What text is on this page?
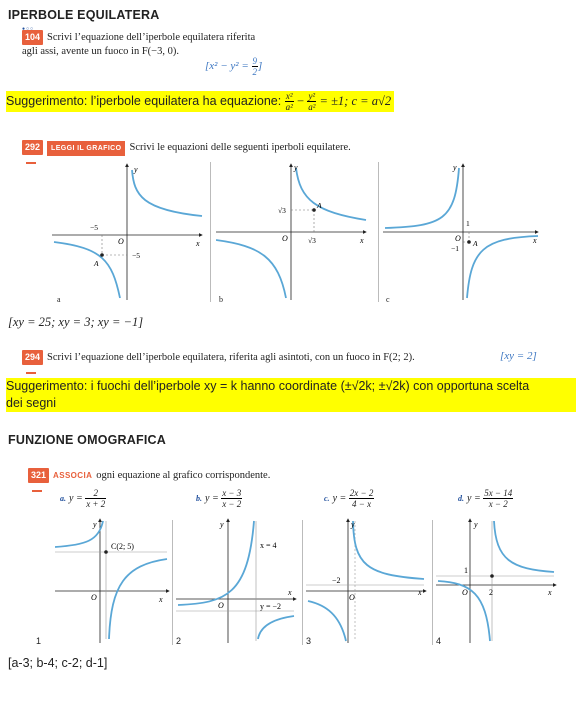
IPERBOLE EQUILATERA
●○○
104 Scrivi l’equazione dell’iperbole equilatera riferita
agli assi, avente un fuoco in F(−3, 0).
[$x^2 - y^2 = \frac{9}{2}$ ]
Suggerimento: l’iperbole equilatera ha equazione: $\frac{\text{x²}}{\text{a²}} - \frac{\text{y²}}{\text{a²}} = \pm 1$; c = a√2
292 LEGGI IL GRAFICO Scrivi le equazioni delle seguenti iperboli equilatere.
y
x
O
−5
−5
A
a
y
x
O
√3
√3
A
b
y
x
O
1
−1
A
c
[xy = 25; xy = 3; xy = −1]
294 Scrivi l’equazione dell’iperbole equilatera, riferita agli asintoti, con un fuoco in F(2; 2).	[xy = 2]
Suggerimento: i fuochi dell’iperbole xy = k hanno coordinate (±√2k; ±√2k) con opportuna scelta
dei segni
FUNZIONE OMOGRAFICA
321 ASSOCIA ogni equazione al grafico corrispondente.
a. $y = \frac{2}{x + 2}$	b. $y = \frac{x - 3}{x - 2}$	c. $y = \frac{2x - 2}{4 - x}$	d. $y = \frac{5x - 14}{x - 2}$
y
x
O
C(2; 5)
1
y
x
O
x = 4
y = −2
2
y
x
O
−2
3
y
x
O
1
2
4
[a-3; b-4; c-2; d-1]
